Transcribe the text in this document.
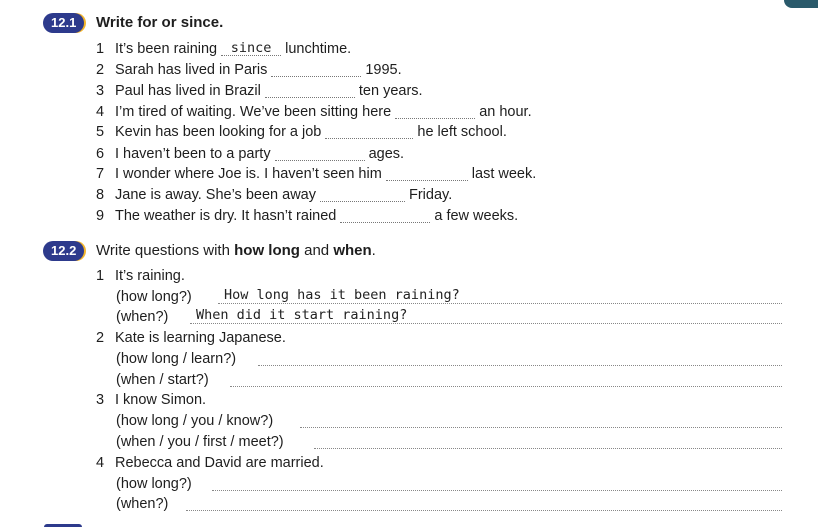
12.1	Write for or since.
1 It’s been raining	since lunchtime.
2 Sarah has lived in Paris	1995.
3 Paul has lived in Brazil	ten years.
4 I’m tired of waiting. We’ve been sitting here	an hour.
5 Kevin has been looking for a job	he left school.
6 I haven’t been to a party	ages.
7 I wonder where Joe is. I haven’t seen him	last week.
8 Jane is away. She’s been away	Friday.
9 The weather is dry. It hasn’t rained	a few weeks.
12.2	Write questions with how long and when.
1 It’s raining.
(how long?) How long has it been raining?
(when?) When did it start raining?
2 Kate is learning Japanese.
(how long / learn?)
(when / start?)
3 I know Simon.
(how long / you / know?)
(when / you / first / meet?)
4 Rebecca and David are married.
(how long?)
(when?)
